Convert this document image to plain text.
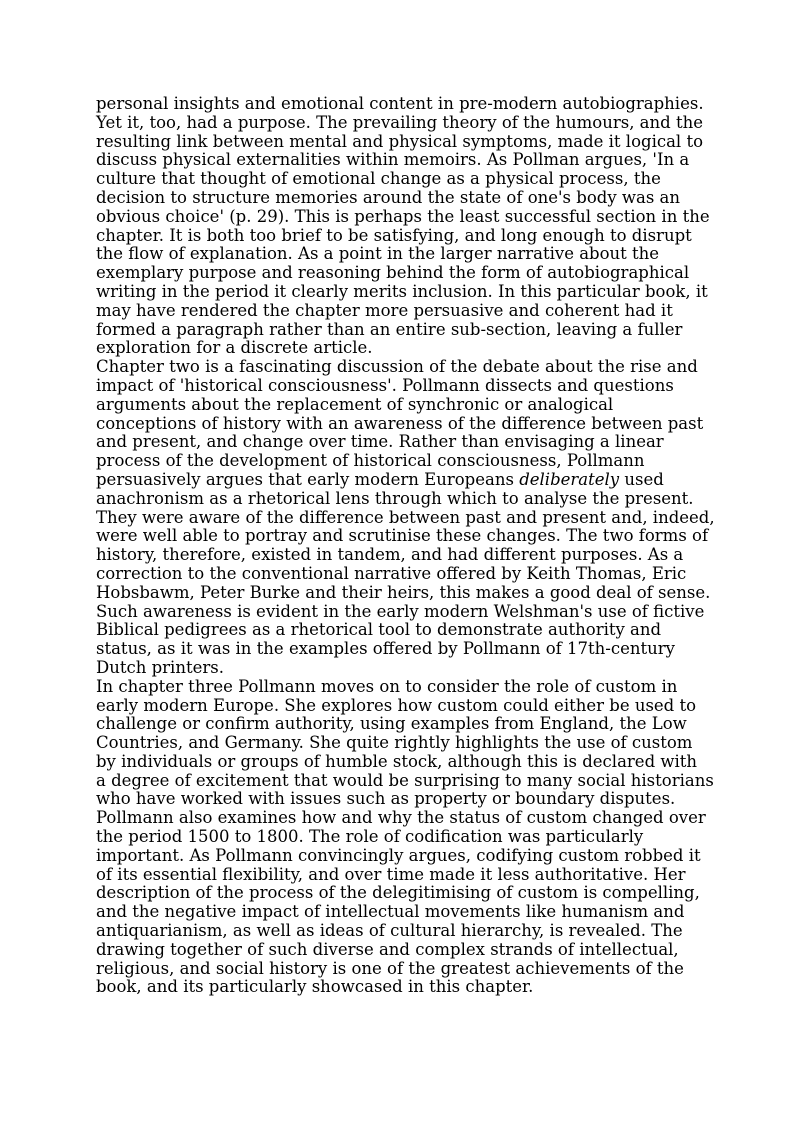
personal insights and emotional content in pre-modern autobiographies.
Yet it, too, had a purpose. The prevailing theory of the humours, and the
resulting link between mental and physical symptoms, made it logical to
discuss physical externalities within memoirs. As Pollman argues, 'In a
culture that thought of emotional change as a physical process, the
decision to structure memories around the state of one's body was an
obvious choice' (p. 29). This is perhaps the least successful section in the
chapter. It is both too brief to be satisfying, and long enough to disrupt
the flow of explanation. As a point in the larger narrative about the
exemplary purpose and reasoning behind the form of autobiographical
writing in the period it clearly merits inclusion. In this particular book, it
may have rendered the chapter more persuasive and coherent had it
formed a paragraph rather than an entire sub-section, leaving a fuller
exploration for a discrete article.

Chapter two is a fascinating discussion of the debate about the rise and
impact of 'historical consciousness'. Pollmann dissects and questions
arguments about the replacement of synchronic or analogical
conceptions of history with an awareness of the difference between past
and present, and change over time. Rather than envisaging a linear
process of the development of historical consciousness, Pollmann
persuasively argues that early modern Europeans deliberately used
anachronism as a rhetorical lens through which to analyse the present.
They were aware of the difference between past and present and, indeed,
were well able to portray and scrutinise these changes. The two forms of
history, therefore, existed in tandem, and had different purposes. As a
correction to the conventional narrative offered by Keith Thomas, Eric
Hobsbawm, Peter Burke and their heirs, this makes a good deal of sense.
Such awareness is evident in the early modern Welshman's use of fictive
Biblical pedigrees as a rhetorical tool to demonstrate authority and
status, as it was in the examples offered by Pollmann of 17th-century
Dutch printers.

In chapter three Pollmann moves on to consider the role of custom in
early modern Europe. She explores how custom could either be used to
challenge or confirm authority, using examples from England, the Low
Countries, and Germany. She quite rightly highlights the use of custom
by individuals or groups of humble stock, although this is declared with
a degree of excitement that would be surprising to many social historians
who have worked with issues such as property or boundary disputes.
Pollmann also examines how and why the status of custom changed over
the period 1500 to 1800. The role of codification was particularly
important. As Pollmann convincingly argues, codifying custom robbed it
of its essential flexibility, and over time made it less authoritative. Her
description of the process of the delegitimising of custom is compelling,
and the negative impact of intellectual movements like humanism and
antiquarianism, as well as ideas of cultural hierarchy, is revealed. The
drawing together of such diverse and complex strands of intellectual,
religious, and social history is one of the greatest achievements of the
book, and its particularly showcased in this chapter.
